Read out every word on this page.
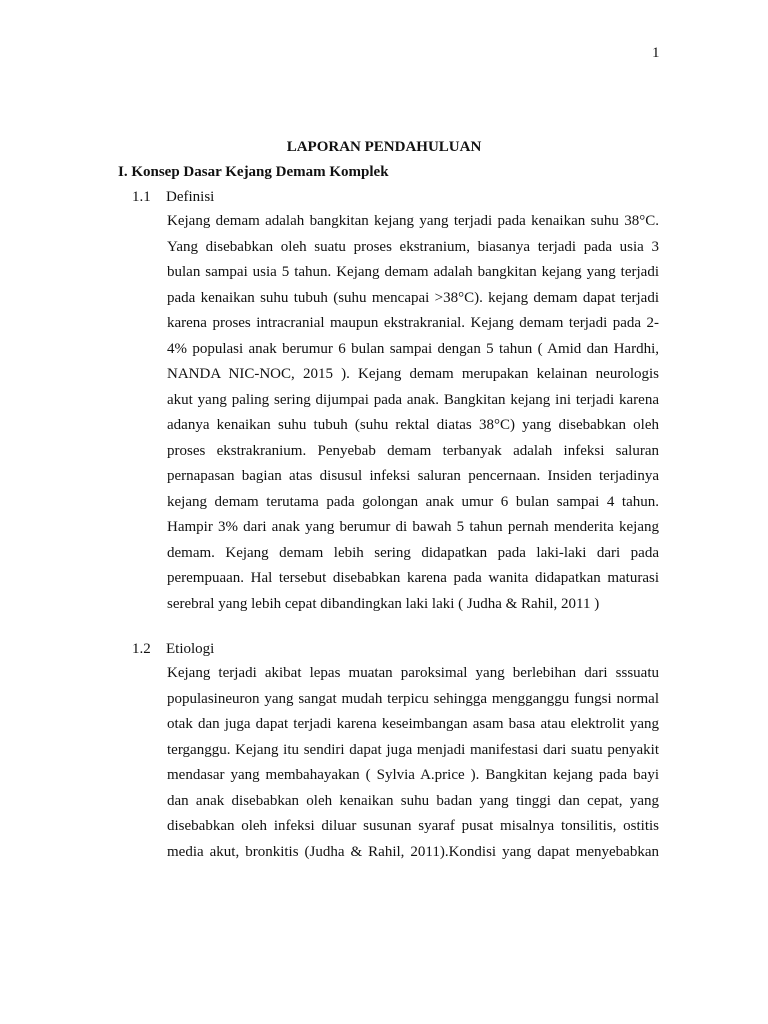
1
LAPORAN PENDAHULUAN
I. Konsep Dasar Kejang Demam Komplek
1.1 Definisi
Kejang demam adalah bangkitan kejang yang terjadi pada kenaikan suhu 38°C.
Yang disebabkan oleh suatu proses ekstranium, biasanya terjadi pada usia 3
bulan sampai usia 5 tahun. Kejang demam adalah bangkitan kejang yang terjadi
pada kenaikan suhu tubuh (suhu mencapai >38°C). kejang demam dapat terjadi
karena proses intracranial maupun ekstrakranial. Kejang demam terjadi pada 2-
4% populasi anak berumur 6 bulan sampai dengan 5 tahun ( Amid dan Hardhi,
NANDA NIC-NOC, 2015 ). Kejang demam merupakan kelainan neurologis
akut yang paling sering dijumpai pada anak. Bangkitan kejang ini terjadi karena
adanya kenaikan suhu tubuh (suhu rektal diatas 38°C) yang disebabkan oleh
proses ekstrakranium. Penyebab demam terbanyak adalah infeksi saluran
pernapasan bagian atas disusul infeksi saluran pencernaan. Insiden terjadinya
kejang demam terutama pada golongan anak umur 6 bulan sampai 4 tahun.
Hampir 3% dari anak yang berumur di bawah 5 tahun pernah menderita kejang
demam. Kejang demam lebih sering didapatkan pada laki-laki dari pada
perempuaan. Hal tersebut disebabkan karena pada wanita didapatkan maturasi
serebral yang lebih cepat dibandingkan laki laki ( Judha & Rahil, 2011 )
1.2 Etiologi
Kejang terjadi akibat lepas muatan paroksimal yang berlebihan dari sssuatu
populasineuron yang sangat mudah terpicu sehingga mengganggu fungsi normal
otak dan juga dapat terjadi karena keseimbangan asam basa atau elektrolit yang
terganggu. Kejang itu sendiri dapat juga menjadi manifestasi dari suatu penyakit
mendasar yang membahayakan ( Sylvia A.price ). Bangkitan kejang pada bayi
dan anak disebabkan oleh kenaikan suhu badan yang tinggi dan cepat, yang
disebabkan oleh infeksi diluar susunan syaraf pusat misalnya tonsilitis, ostitis
media akut, bronkitis (Judha & Rahil, 2011).Kondisi yang dapat menyebabkan
